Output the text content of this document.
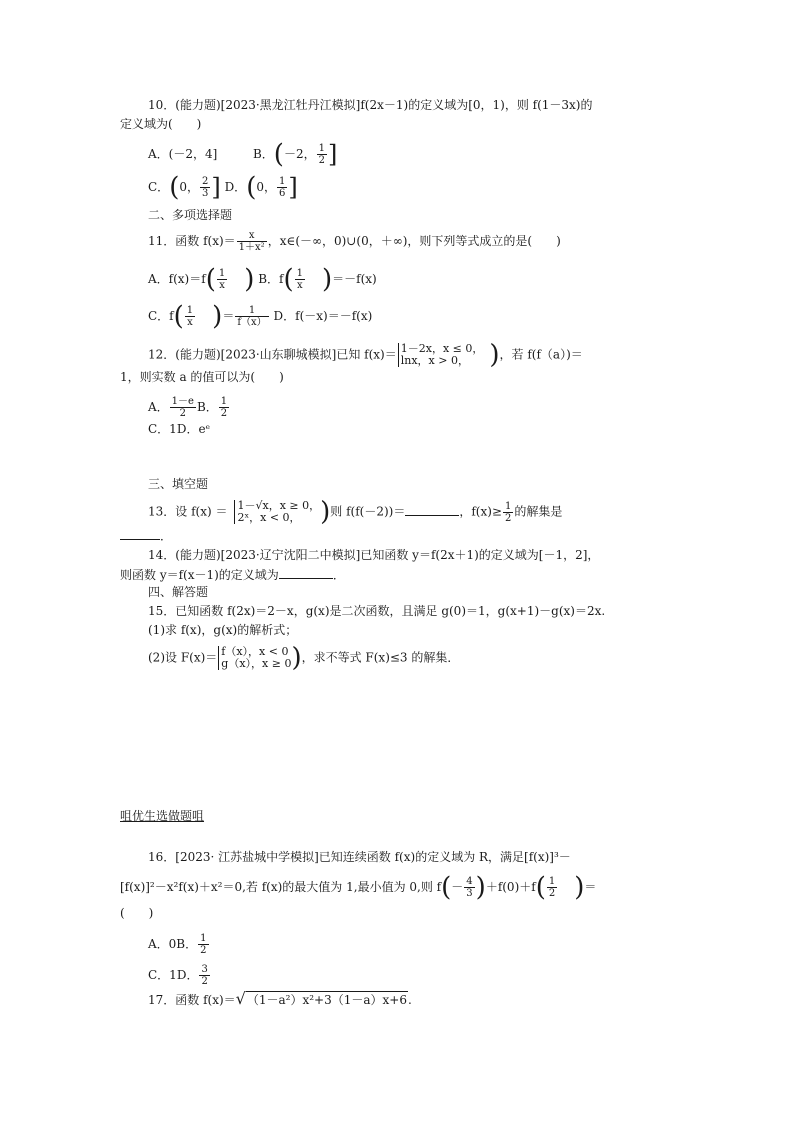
10．(能力题)[2023·黑龙江牡丹江模拟]f(2x－1)的定义域为[0，1)，则 f(1－3x)的
定义域为(　　)
A．(－2，4]	B．(－2， $\frac{1}{2}$ ]
C．(0， $\frac{2}{3}$ ] D．(0， $\frac{1}{6}$ ]
二、多项选择题
11．函数 $f(x)= \frac{x}{\text{1＋x²}}$ ，x∈(－∞，0)∪(0，＋∞)，则下列等式成立的是(　　)
A．$f(x)=f( \frac{1}{x}$ ) B．$f( \frac{1}{x} )=-f(x)$
C．$f( \frac{1}{x}$ )＝ $\frac{1}{f(x)}$ D．f(－x)＝－f(x)
12．(能力题)[2023·山东聊城模拟]已知 f(x)＝ 1－2x，x ≤ 0，
lnx，x > 0， )，若 f(f（a）)＝
1，则实数 a 的值可以为(　　)
A． $\frac{1-e}{2}$ B． $\frac{1}{2}$
C．1D．eᵉ
三、填空题
13．设 f(x) ＝ 1－√x，x ≥ 0，
2ˣ，x < 0， )则 f(f(－2))＝	，$f(x)\ge \frac{1}{2}$ 的解集是
．
14．(能力题)[2023·辽宁沈阳二中模拟]已知函数 y＝f(2x＋1)的定义域为[－1，2]，
则函数 y＝f(x－1)的定义域为	．
四、解答题
15．已知函数 f(2x)＝2－x，g(x)是二次函数，且满足 g(0)＝1，g(x+1)－g(x)＝2x.
(1)求 f(x)，g(x)的解析式；
(2)设 F(x)＝ f（x），x < 0
g（x），x ≥ 0 )，求不等式 F(x)≤3 的解集．
咀优生选做题咀
16．[2023· 江苏盐城中学模拟]已知连续函数 f(x)的定义域为 R，满足[f(x)]³－
[f(x)]²－x²f(x)＋x²＝0,若 f(x)的最大值为 1,最小值为 0,则 $f(- \frac{4}{3} )+f(0)+f( \frac{1}{2}$ )＝
(　　)
A．0B． $\frac{1}{2}$
C．1D． $\frac{3}{2}$
17．函数 f(x)＝√（1－a²）x²+3（1－a）x+6.
